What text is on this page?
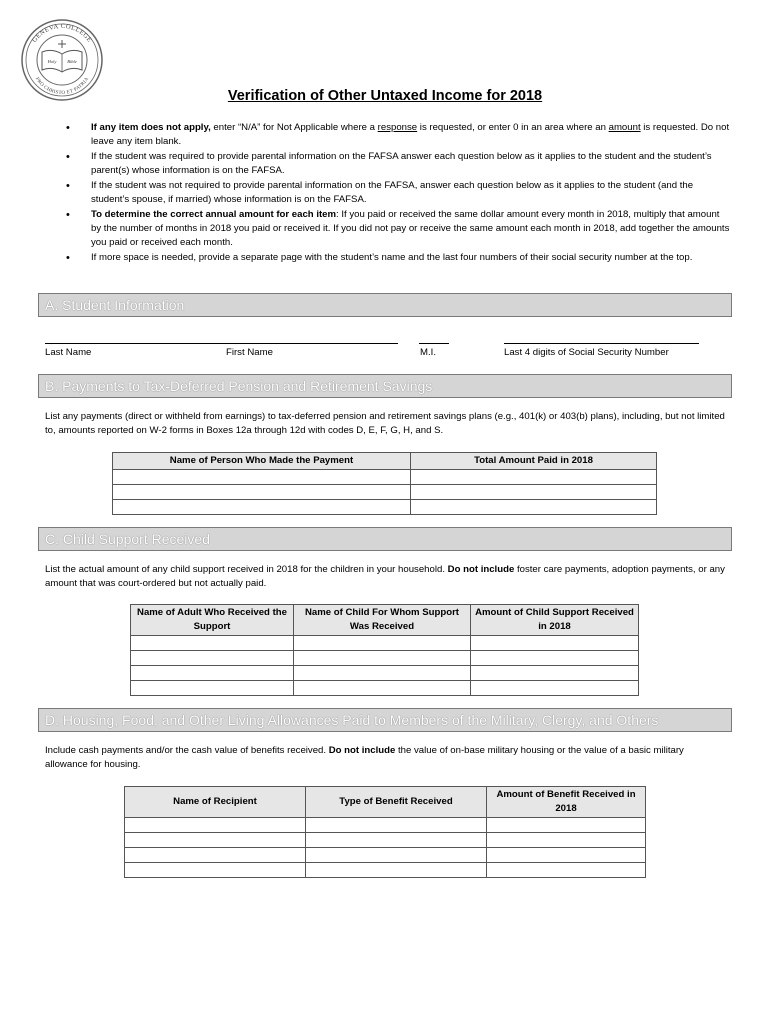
Holy Bible
GENEVA COLLEGE
PRO CHRISTO ET PATRIA
Verification of Other Untaxed Income for 2018
• If any item does not apply, enter “N/A” for Not Applicable where a response is requested, or enter 0 in an area where an amount is requested. Do not leave any item blank.
• If the student was required to provide parental information on the FAFSA answer each question below as it applies to the student and the student’s parent(s) whose information is on the FAFSA.
• If the student was not required to provide parental information on the FAFSA, answer each question below as it applies to the student (and the student’s spouse, if married) whose information is on the FAFSA.
• To determine the correct annual amount for each item: If you paid or received the same dollar amount every month in 2018, multiply that amount by the number of months in 2018 you paid or received it. If you did not pay or receive the same amount each month in 2018, add together the amounts you paid or received each month.
• If more space is needed, provide a separate page with the student’s name and the last four numbers of their social security number at the top.
A. Student Information
Last Name	First Name	M.I.	Last 4 digits of Social Security Number
B. Payments to Tax-Deferred Pension and Retirement Savings
List any payments (direct or withheld from earnings) to tax-deferred pension and retirement savings plans (e.g., 401(k) or 403(b) plans), including, but not limited to, amounts reported on W-2 forms in Boxes 12a through 12d with codes D, E, F, G, H, and S.
Name of Person Who Made the Payment	Total Amount Paid in 2018

C. Child Support Received
List the actual amount of any child support received in 2018 for the children in your household. Do not include foster care payments, adoption payments, or any amount that was court-ordered but not actually paid.
Name of Adult Who Received the Support	Name of Child For Whom Support Was Received	Amount of Child Support Received in 2018

D. Housing, Food, and Other Living Allowances Paid to Members of the Military, Clergy, and Others
Include cash payments and/or the cash value of benefits received. Do not include the value of on-base military housing or the value of a basic military allowance for housing.
Name of Recipient	Type of Benefit Received	Amount of Benefit Received in 2018
